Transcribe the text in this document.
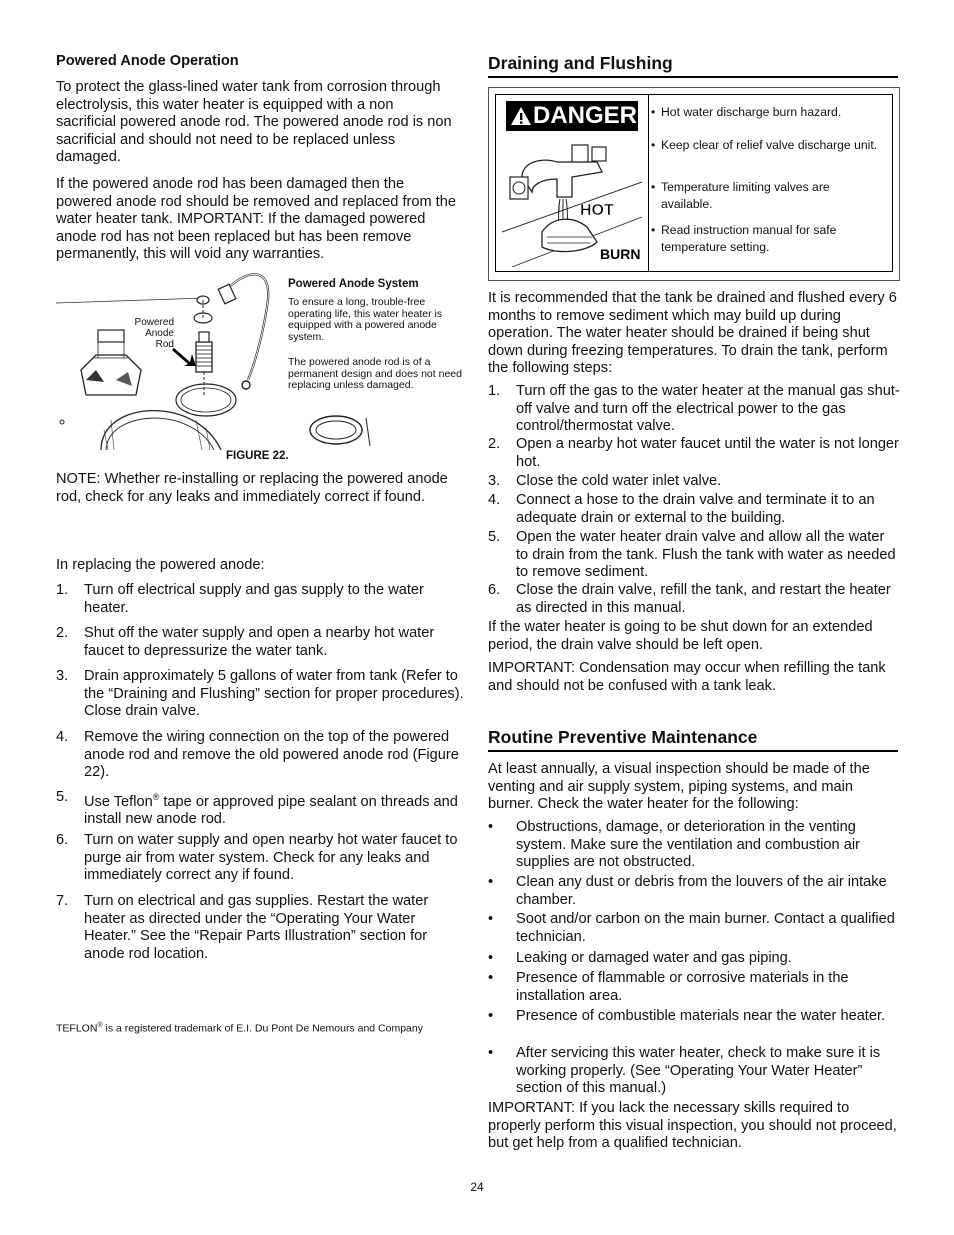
Powered Anode Operation

To protect the glass-lined water tank from corrosion through electrolysis, this water heater is equipped with a non sacrificial powered anode rod. The powered anode rod is non sacrificial and should not need to be replaced unless damaged.

If the powered anode rod has been damaged then the powered anode rod should be removed and replaced from the water heater tank. IMPORTANT: If the damaged powered anode rod has not been replaced but has been remove permanently, this will void any warranties.

Powered
Anode
Rod
Powered Anode System
To ensure a long, trouble-free operating life, this water heater is equipped with a powered anode system.
The powered anode rod is of a permanent design and does not need replacing unless damaged.
FIGURE 22.

NOTE: Whether re-installing or replacing the powered anode rod, check for any leaks and immediately correct if found.

In replacing the powered anode:

1. Turn off electrical supply and gas supply to the water heater.
2. Shut off the water supply and open a nearby hot water faucet to depressurize the water tank.
3. Drain approximately 5 gallons of water from tank (Refer to the “Draining and Flushing” section for proper procedures). Close drain valve.
4. Remove the wiring connection on the top of the powered anode rod and remove the old powered anode rod (Figure 22).
5. Use Teflon® tape or approved pipe sealant on threads and install new anode rod.
6. Turn on water supply and open nearby hot water faucet to purge air from water system. Check for any leaks and immediately correct any if found.
7. Turn on electrical and gas supplies. Restart the water heater as directed under the “Operating Your Water Heater.” See the “Repair Parts Illustration” section for anode rod location.
TEFLON® is a registered trademark of E.I. Du Pont De Nemours and Company
Draining and Flushing
DANGER
HOT
BURN
• Hot water discharge burn hazard.
• Keep clear of relief valve discharge unit.
• Temperature limiting valves are available.
• Read instruction manual for safe temperature setting.

It is recommended that the tank be drained and flushed every 6 months to remove sediment which may build up during operation. The water heater should be drained if being shut down during freezing temperatures. To drain the tank, perform the following steps:

1. Turn off the gas to the water heater at the manual gas shut-off valve and turn off the electrical power to the gas control/thermostat valve.
2. Open a nearby hot water faucet until the water is not longer hot.
3. Close the cold water inlet valve.
4. Connect a hose to the drain valve and terminate it to an adequate drain or external to the building.
5. Open the water heater drain valve and allow all the water to drain from the tank. Flush the tank with water as needed to remove sediment.
6. Close the drain valve, refill the tank, and restart the heater as directed in this manual.

If the water heater is going to be shut down for an extended period, the drain valve should be left open.

IMPORTANT: Condensation may occur when refilling the tank and should not be confused with a tank leak.

Routine Preventive Maintenance

At least annually, a visual inspection should be made of the venting and air supply system, piping systems, and main burner. Check the water heater for the following:

• Obstructions, damage, or deterioration in the venting system. Make sure the ventilation and combustion air supplies are not obstructed.
• Clean any dust or debris from the louvers of the air intake chamber.
• Soot and/or carbon on the main burner. Contact a qualified technician.
• Leaking or damaged water and gas piping.
• Presence of flammable or corrosive materials in the installation area.
• Presence of combustible materials near the water heater.
• After servicing this water heater, check to make sure it is working properly. (See “Operating Your Water Heater” section of this manual.)

IMPORTANT: If you lack the necessary skills required to properly perform this visual inspection, you should not proceed, but get help from a qualified technician.

24
